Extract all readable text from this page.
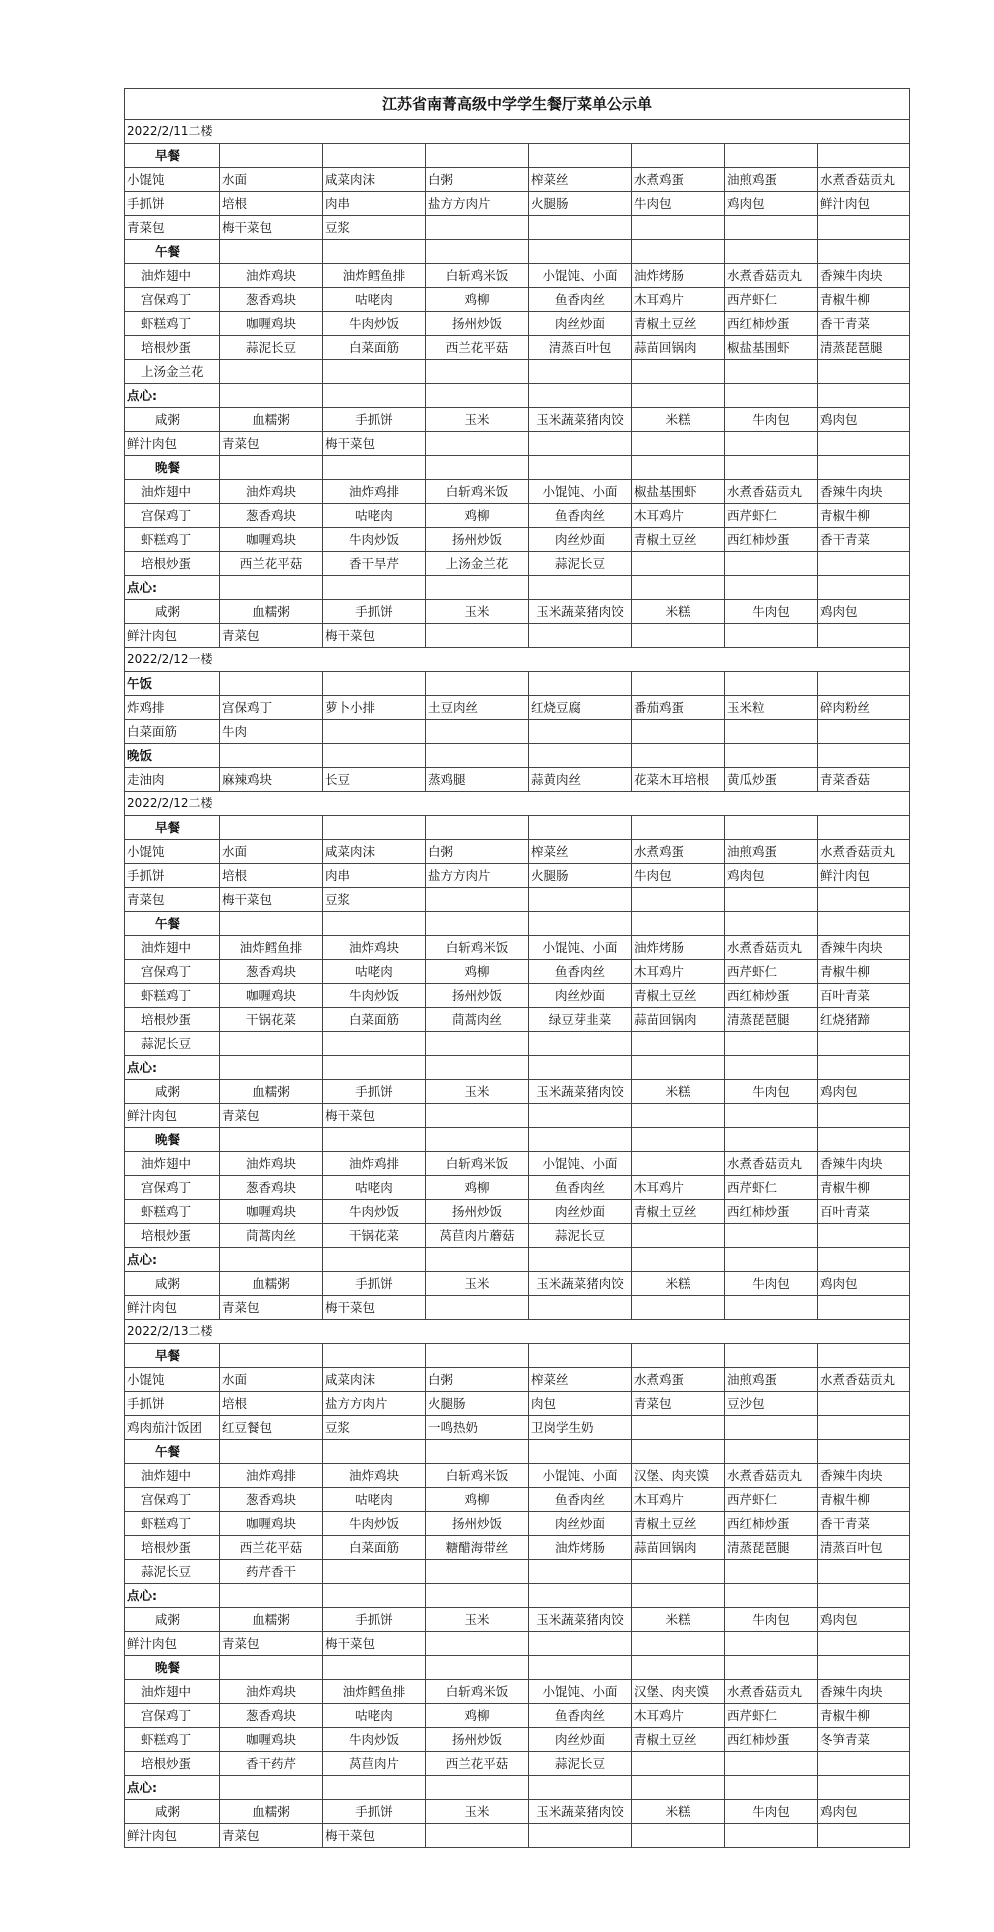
江苏省南菁高级中学学生餐厅菜单公示单							
2022/2/11二楼							
早餐							
小馄饨	水面	咸菜肉沫	白粥	榨菜丝	水煮鸡蛋	油煎鸡蛋	水煮香菇贡丸
手抓饼	培根	肉串	盐方方肉片	火腿肠	牛肉包	鸡肉包	鲜汁肉包
青菜包	梅干菜包	豆浆					
午餐							
油炸翅中	油炸鸡块	油炸鳕鱼排	白斩鸡米饭	小馄饨、小面	油炸烤肠	水煮香菇贡丸	香辣牛肉块
宫保鸡丁	葱香鸡块	咕咾肉	鸡柳	鱼香肉丝	木耳鸡片	西芹虾仁	青椒牛柳
虾糕鸡丁	咖喱鸡块	牛肉炒饭	扬州炒饭	肉丝炒面	青椒土豆丝	西红柿炒蛋	香干青菜
培根炒蛋	蒜泥长豆	白菜面筋	西兰花平菇	清蒸百叶包	蒜苗回锅肉	椒盐基围虾	清蒸琵琶腿
上汤金兰花							
点心:							
咸粥	血糯粥	手抓饼	玉米	玉米蔬菜猪肉饺	米糕	牛肉包	鸡肉包
鲜汁肉包	青菜包	梅干菜包					
晚餐							
油炸翅中	油炸鸡块	油炸鸡排	白斩鸡米饭	小馄饨、小面	椒盐基围虾	水煮香菇贡丸	香辣牛肉块
宫保鸡丁	葱香鸡块	咕咾肉	鸡柳	鱼香肉丝	木耳鸡片	西芹虾仁	青椒牛柳
虾糕鸡丁	咖喱鸡块	牛肉炒饭	扬州炒饭	肉丝炒面	青椒土豆丝	西红柿炒蛋	香干青菜
培根炒蛋	西兰花平菇	香干旱芹	上汤金兰花	蒜泥长豆			
点心:							
咸粥	血糯粥	手抓饼	玉米	玉米蔬菜猪肉饺	米糕	牛肉包	鸡肉包
鲜汁肉包	青菜包	梅干菜包					
2022/2/12一楼							
午饭							
炸鸡排	宫保鸡丁	萝卜小排	土豆肉丝	红烧豆腐	番茄鸡蛋	玉米粒	碎肉粉丝
白菜面筋	牛肉						
晚饭							
走油肉	麻辣鸡块	长豆	蒸鸡腿	蒜黄肉丝	花菜木耳培根	黄瓜炒蛋	青菜香菇
2022/2/12二楼							
早餐							
小馄饨	水面	咸菜肉沫	白粥	榨菜丝	水煮鸡蛋	油煎鸡蛋	水煮香菇贡丸
手抓饼	培根	肉串	盐方方肉片	火腿肠	牛肉包	鸡肉包	鲜汁肉包
青菜包	梅干菜包	豆浆					
午餐							
油炸翅中	油炸鳕鱼排	油炸鸡块	白斩鸡米饭	小馄饨、小面	油炸烤肠	水煮香菇贡丸	香辣牛肉块
宫保鸡丁	葱香鸡块	咕咾肉	鸡柳	鱼香肉丝	木耳鸡片	西芹虾仁	青椒牛柳
虾糕鸡丁	咖喱鸡块	牛肉炒饭	扬州炒饭	肉丝炒面	青椒土豆丝	西红柿炒蛋	百叶青菜
培根炒蛋	干锅花菜	白菜面筋	茼蒿肉丝	绿豆芽韭菜	蒜苗回锅肉	清蒸琵琶腿	红烧猪蹄
蒜泥长豆							
点心:							
咸粥	血糯粥	手抓饼	玉米	玉米蔬菜猪肉饺	米糕	牛肉包	鸡肉包
鲜汁肉包	青菜包	梅干菜包					
晚餐							
油炸翅中	油炸鸡块	油炸鸡排	白斩鸡米饭	小馄饨、小面		水煮香菇贡丸	香辣牛肉块
宫保鸡丁	葱香鸡块	咕咾肉	鸡柳	鱼香肉丝	木耳鸡片	西芹虾仁	青椒牛柳
虾糕鸡丁	咖喱鸡块	牛肉炒饭	扬州炒饭	肉丝炒面	青椒土豆丝	西红柿炒蛋	百叶青菜
培根炒蛋	茼蒿肉丝	干锅花菜	莴苣肉片蘑菇	蒜泥长豆			
点心:							
咸粥	血糯粥	手抓饼	玉米	玉米蔬菜猪肉饺	米糕	牛肉包	鸡肉包
鲜汁肉包	青菜包	梅干菜包					
2022/2/13二楼							
早餐							
小馄饨	水面	咸菜肉沫	白粥	榨菜丝	水煮鸡蛋	油煎鸡蛋	水煮香菇贡丸
手抓饼	培根	盐方方肉片	火腿肠	肉包	青菜包	豆沙包	
鸡肉茄汁饭团	红豆餐包	豆浆	一鸣热奶	卫岗学生奶			
午餐							
油炸翅中	油炸鸡排	油炸鸡块	白斩鸡米饭	小馄饨、小面	汉堡、肉夹馍	水煮香菇贡丸	香辣牛肉块
宫保鸡丁	葱香鸡块	咕咾肉	鸡柳	鱼香肉丝	木耳鸡片	西芹虾仁	青椒牛柳
虾糕鸡丁	咖喱鸡块	牛肉炒饭	扬州炒饭	肉丝炒面	青椒土豆丝	西红柿炒蛋	香干青菜
培根炒蛋	西兰花平菇	白菜面筋	糖醋海带丝	油炸烤肠	蒜苗回锅肉	清蒸琵琶腿	清蒸百叶包
蒜泥长豆	药芹香干						
点心:							
咸粥	血糯粥	手抓饼	玉米	玉米蔬菜猪肉饺	米糕	牛肉包	鸡肉包
鲜汁肉包	青菜包	梅干菜包					
晚餐							
油炸翅中	油炸鸡块	油炸鳕鱼排	白斩鸡米饭	小馄饨、小面	汉堡、肉夹馍	水煮香菇贡丸	香辣牛肉块
宫保鸡丁	葱香鸡块	咕咾肉	鸡柳	鱼香肉丝	木耳鸡片	西芹虾仁	青椒牛柳
虾糕鸡丁	咖喱鸡块	牛肉炒饭	扬州炒饭	肉丝炒面	青椒土豆丝	西红柿炒蛋	冬笋青菜
培根炒蛋	香干药芹	莴苣肉片	西兰花平菇	蒜泥长豆			
点心:							
咸粥	血糯粥	手抓饼	玉米	玉米蔬菜猪肉饺	米糕	牛肉包	鸡肉包
鲜汁肉包	青菜包	梅干菜包					
